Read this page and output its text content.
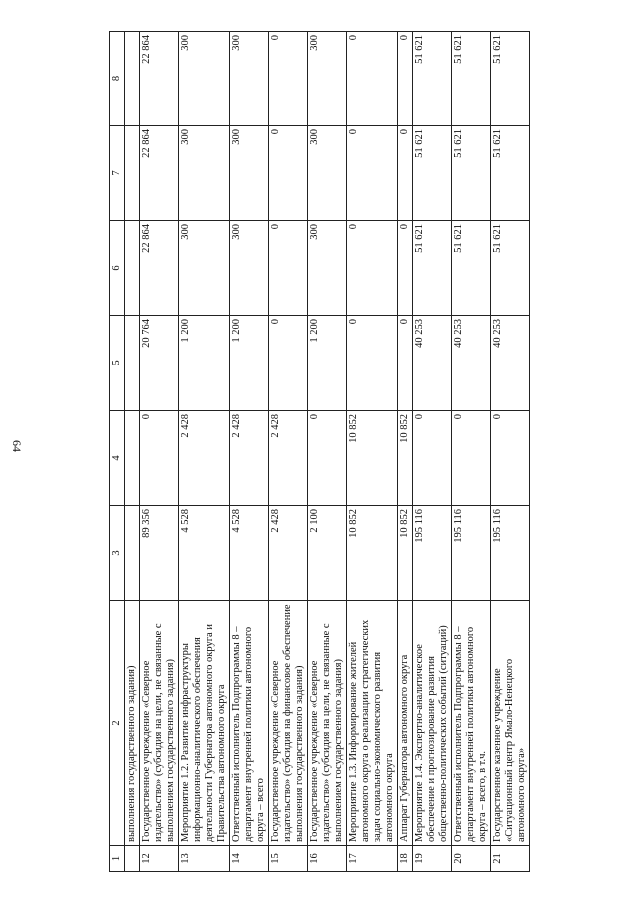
64
1	2	3	4	5	6	7	8
	выполнения государственного задания)						
12	Государственное учреждение «Северное издательство» (субсидия на цели, не связанные с выполнением государственного задания)	89 356	0	20 764	22 864	22 864	22 864
13	Мероприятие 1.2. Развитие инфраструктуры информационно-аналитического обеспечения деятельности Губернатора автономного округа и Правительства автономного округа	4 528	2 428	1 200	300	300	300
14	Ответственный исполнитель Подпрограммы 8 – департамент внутренней политики автономного округа – всего	4 528	2 428	1 200	300	300	300
15	Государственное учреждение «Северное издательство» (субсидия на финансовое обеспечение выполнения государственного задания)	2 428	2 428	0	0	0	0
16	Государственное учреждение «Северное издательство» (субсидия на цели, не связанные с выполнением государственного задания)	2 100	0	1 200	300	300	300
17	Мероприятие 1.3. Информирование жителей автономного округа о реализации стратегических задач социально-экономического развития автономного округа	10 852	10 852	0	0	0	0
18	Аппарат Губернатора автономного округа	10 852	10 852	0	0	0	0
19	Мероприятие 1.4. Экспертно-аналитическое обеспечение и прогнозирование развития общественно-политических событий (ситуаций)	195 116	0	40 253	51 621	51 621	51 621
20	Ответственный исполнитель Подпрограммы 8 – департамент внутренней политики автономного округа – всего, в т.ч.	195 116	0	40 253	51 621	51 621	51 621
21	Государственное казенное учреждение «Ситуационный центр Ямало-Ненецкого автономного округа»	195 116	0	40 253	51 621	51 621	51 621
